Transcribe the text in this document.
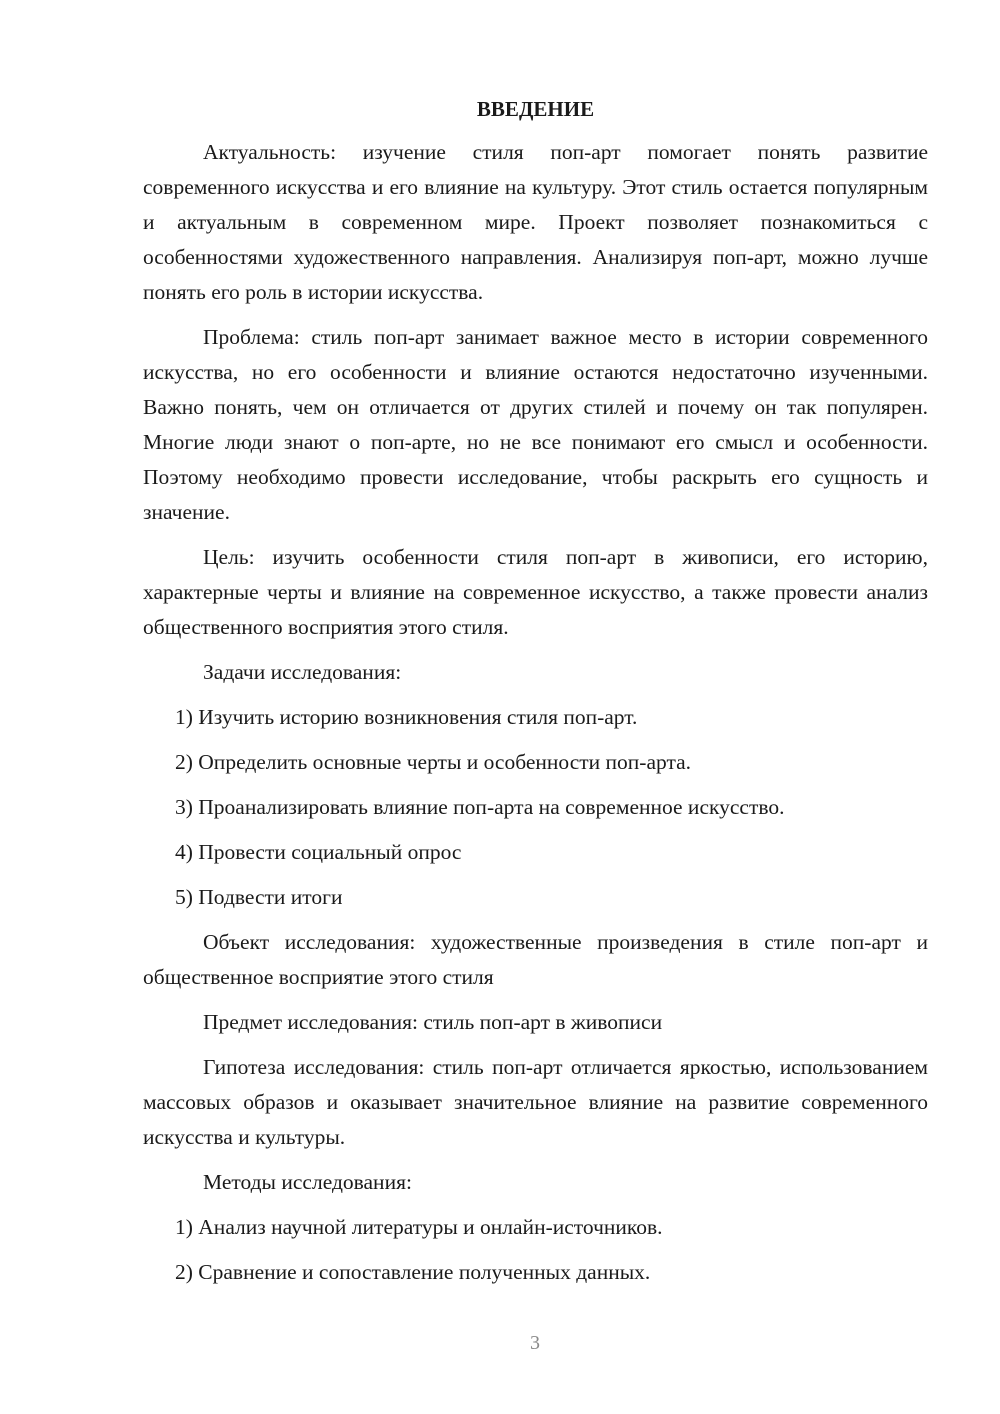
ВВЕДЕНИЕ

Актуальность: изучение стиля поп-арт помогает понять развитие современного искусства и его влияние на культуру. Этот стиль остается популярным и актуальным в современном мире. Проект позволяет познакомиться с особенностями художественного направления. Анализируя поп-арт, можно лучше понять его роль в истории искусства.

Проблема: стиль поп-арт занимает важное место в истории современного искусства, но его особенности и влияние остаются недостаточно изученными. Важно понять, чем он отличается от других стилей и почему он так популярен. Многие люди знают о поп-арте, но не все понимают его смысл и особенности. Поэтому необходимо провести исследование, чтобы раскрыть его сущность и значение.

Цель: изучить особенности стиля поп-арт в живописи, его историю, характерные черты и влияние на современное искусство, а также провести анализ общественного восприятия этого стиля.

Задачи исследования:

1) Изучить историю возникновения стиля поп-арт.

2) Определить основные черты и особенности поп-арта.

3) Проанализировать влияние поп-арта на современное искусство.

4) Провести социальный опрос

5) Подвести итоги

Объект исследования: художественные произведения в стиле поп-арт и общественное восприятие этого стиля

Предмет исследования: стиль поп-арт в живописи

Гипотеза исследования: стиль поп-арт отличается яркостью, использованием массовых образов и оказывает значительное влияние на развитие современного искусства и культуры.

Методы исследования:

1) Анализ научной литературы и онлайн-источников.

2) Сравнение и сопоставление полученных данных.

3
